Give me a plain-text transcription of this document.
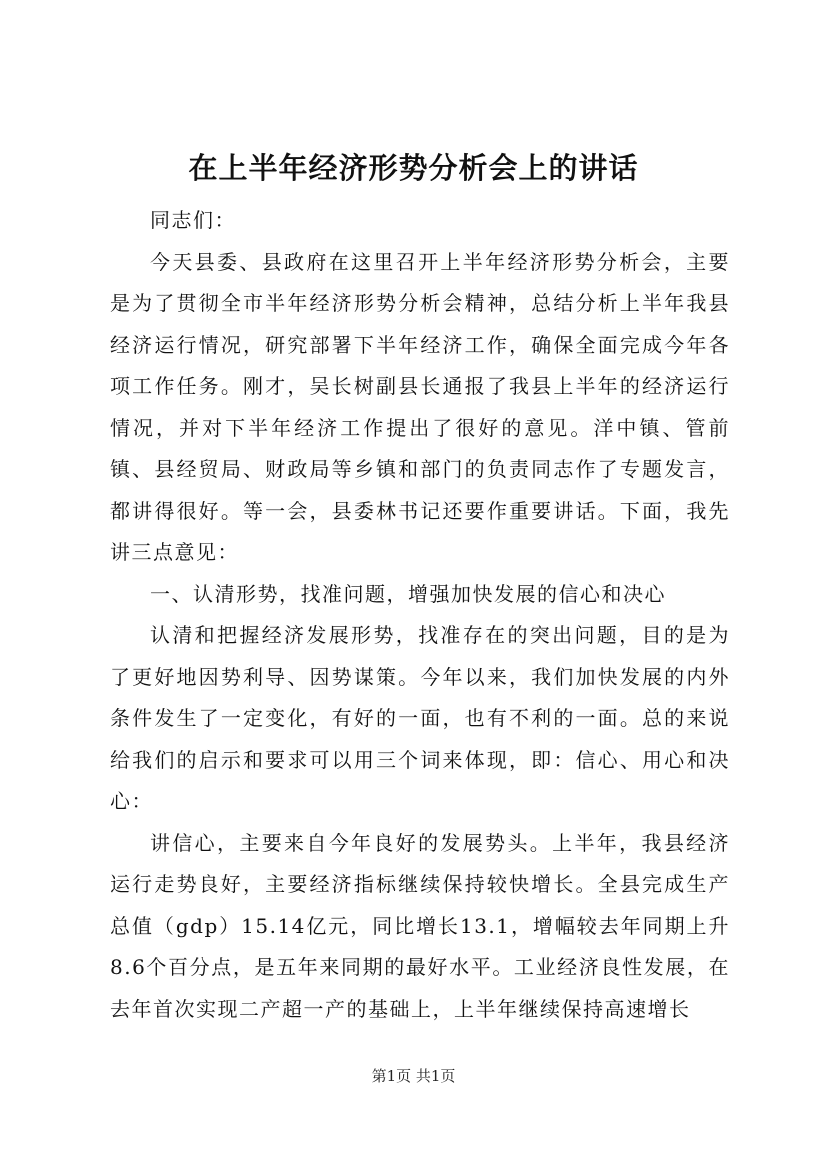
在上半年经济形势分析会上的讲话

同志们：

今天县委、县政府在这里召开上半年经济形势分析会，主要是为了贯彻全市半年经济形势分析会精神，总结分析上半年我县经济运行情况，研究部署下半年经济工作，确保全面完成今年各项工作任务。刚才，吴长树副县长通报了我县上半年的经济运行情况，并对下半年经济工作提出了很好的意见。洋中镇、管前镇、县经贸局、财政局等乡镇和部门的负责同志作了专题发言，都讲得很好。等一会，县委林书记还要作重要讲话。下面，我先讲三点意见：

一、认清形势，找准问题，增强加快发展的信心和决心

认清和把握经济发展形势，找准存在的突出问题，目的是为了更好地因势利导、因势谋策。今年以来，我们加快发展的内外条件发生了一定变化，有好的一面，也有不利的一面。总的来说给我们的启示和要求可以用三个词来体现，即：信心、用心和决心：

讲信心，主要来自今年良好的发展势头。上半年，我县经济运行走势良好，主要经济指标继续保持较快增长。全县完成生产总值（gdp）15.14亿元，同比增长13.1，增幅较去年同期上升8.6个百分点，是五年来同期的最好水平。工业经济良性发展，在去年首次实现二产超一产的基础上，上半年继续保持高速增长

第1页 共1页
